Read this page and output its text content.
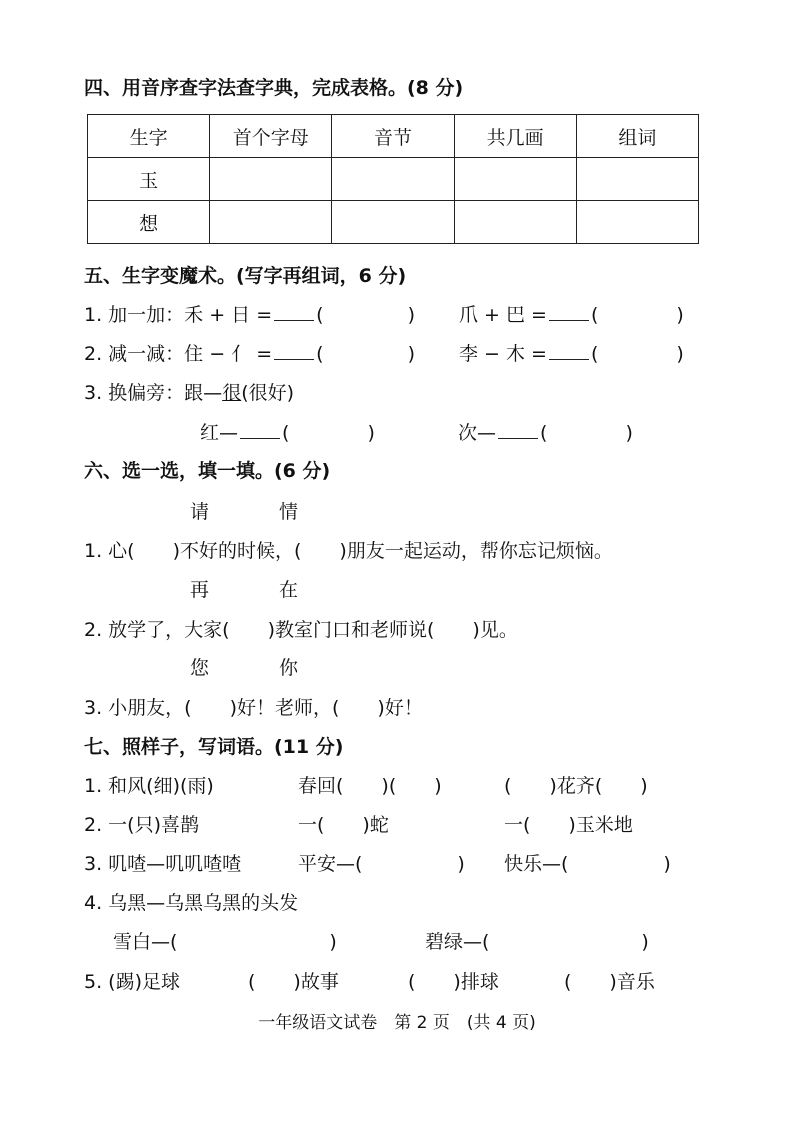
四、用音序查字法查字典，完成表格。(8 分)
生字	首个字母	音节	共几画	组词
玉				
想				
五、生字变魔术。(写字再组词，6 分)
1. 加一加：禾 + 日 = (	) 爪 + 巴 = (	)
2. 减一减：住 − 亻 = (	) 李 − 木 = (	)
3. 换偏旁：跟—很(很好)
红— (	)	次— (	)
六、选一选，填一填。(6 分)
请	情
1. 心(　　)不好的时候，(　　)朋友一起运动，帮你忘记烦恼。
再	在
2. 放学了，大家(　　)教室门口和老师说(　　)见。
您	你
3. 小朋友，(　　)好！老师，(　　)好！
七、照样子，写词语。(11 分)
1. 和风(细)(雨)	春回(　　)(　　)	(　　)花齐(　　)
2. 一(只)喜鹊	一(　　)蛇	一(　　)玉米地
3. 叽喳—叽叽喳喳	平安—(　　　　　) 快乐—(　　　　　)
4. 乌黑—乌黑乌黑的头发
雪白—(　　　　　　　　)	碧绿—(　　　　　　　　)
5. (踢)足球	(　　)故事	(　　)排球	(　　)音乐
一年级语文试卷　第 2 页　(共 4 页)
